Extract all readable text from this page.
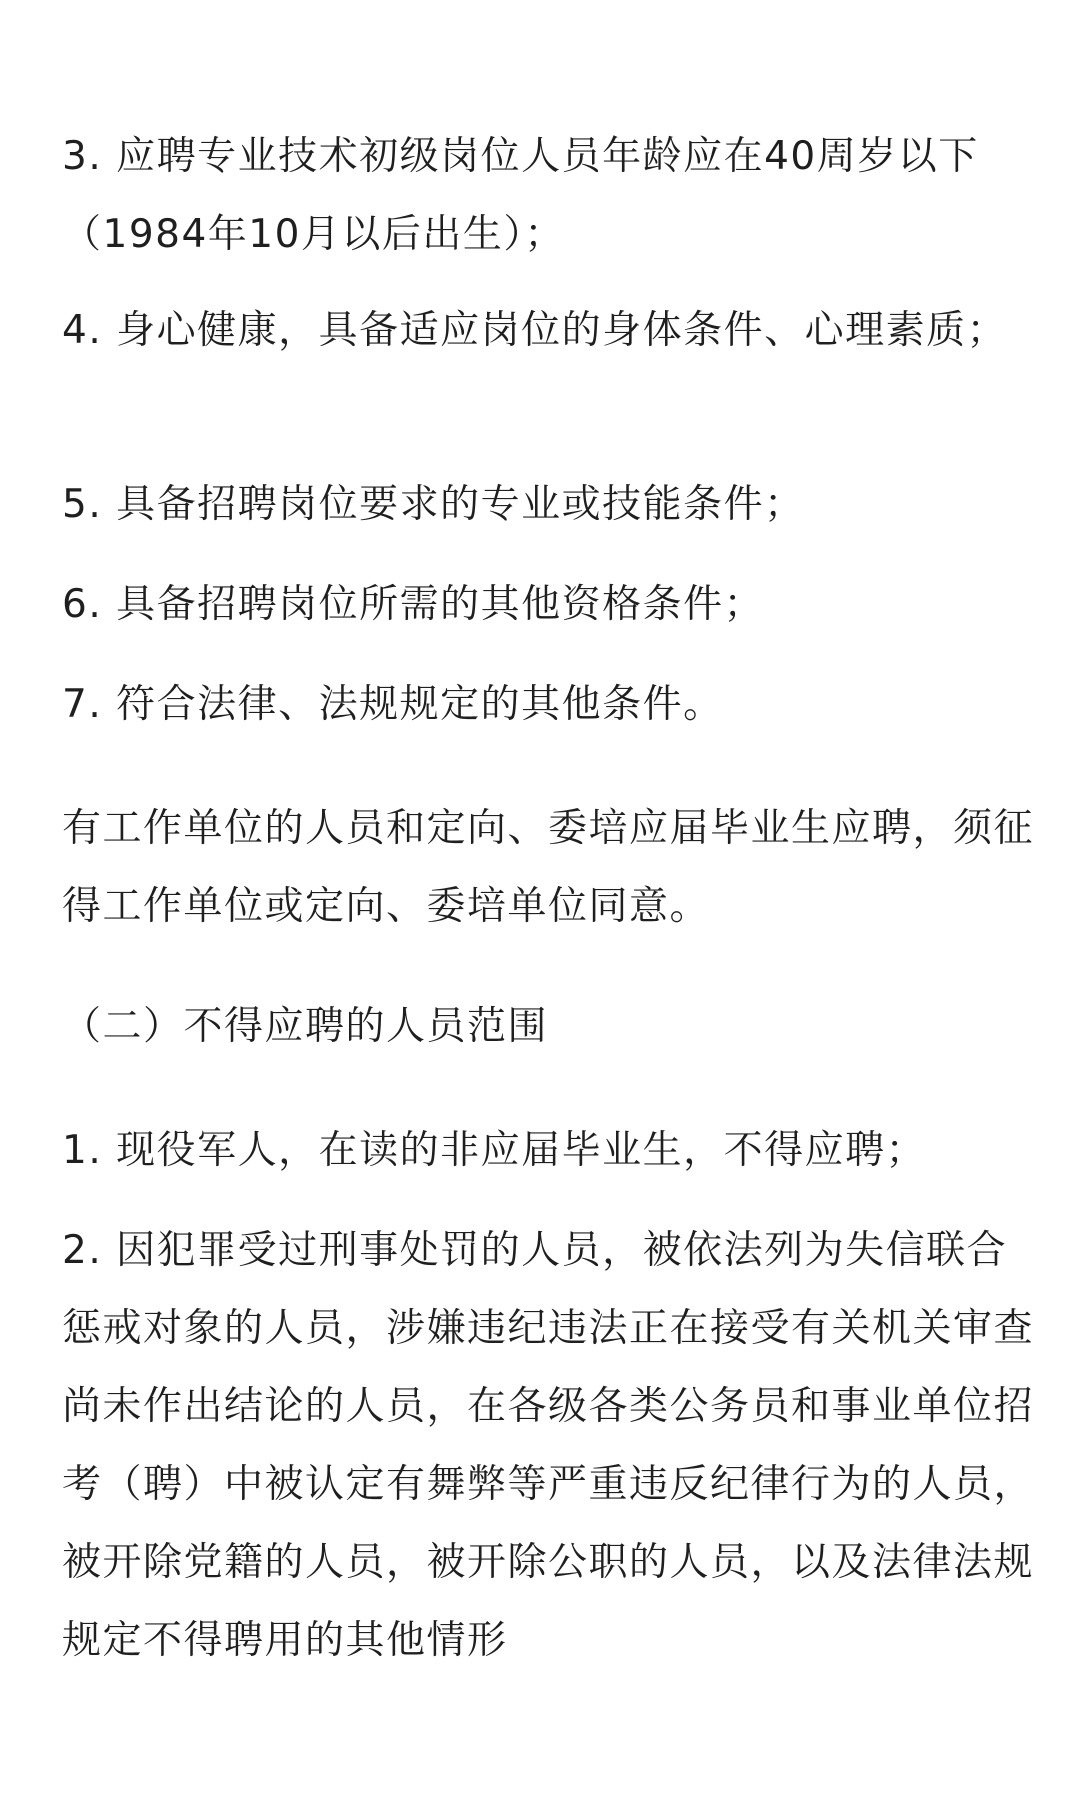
3. 应聘专业技术初级岗位人员年龄应在40周岁以下（1984年10月以后出生）；

4. 身心健康，具备适应岗位的身体条件、心理素质；

5. 具备招聘岗位要求的专业或技能条件；

6. 具备招聘岗位所需的其他资格条件；

7. 符合法律、法规规定的其他条件。

有工作单位的人员和定向、委培应届毕业生应聘，须征得工作单位或定向、委培单位同意。

（二）不得应聘的人员范围

1. 现役军人，在读的非应届毕业生，不得应聘；

2. 因犯罪受过刑事处罚的人员，被依法列为失信联合惩戒对象的人员，涉嫌违纪违法正在接受有关机关审查尚未作出结论的人员，在各级各类公务员和事业单位招考（聘）中被认定有舞弊等严重违反纪律行为的人员，被开除党籍的人员，被开除公职的人员，以及法律法规规定不得聘用的其他情形
